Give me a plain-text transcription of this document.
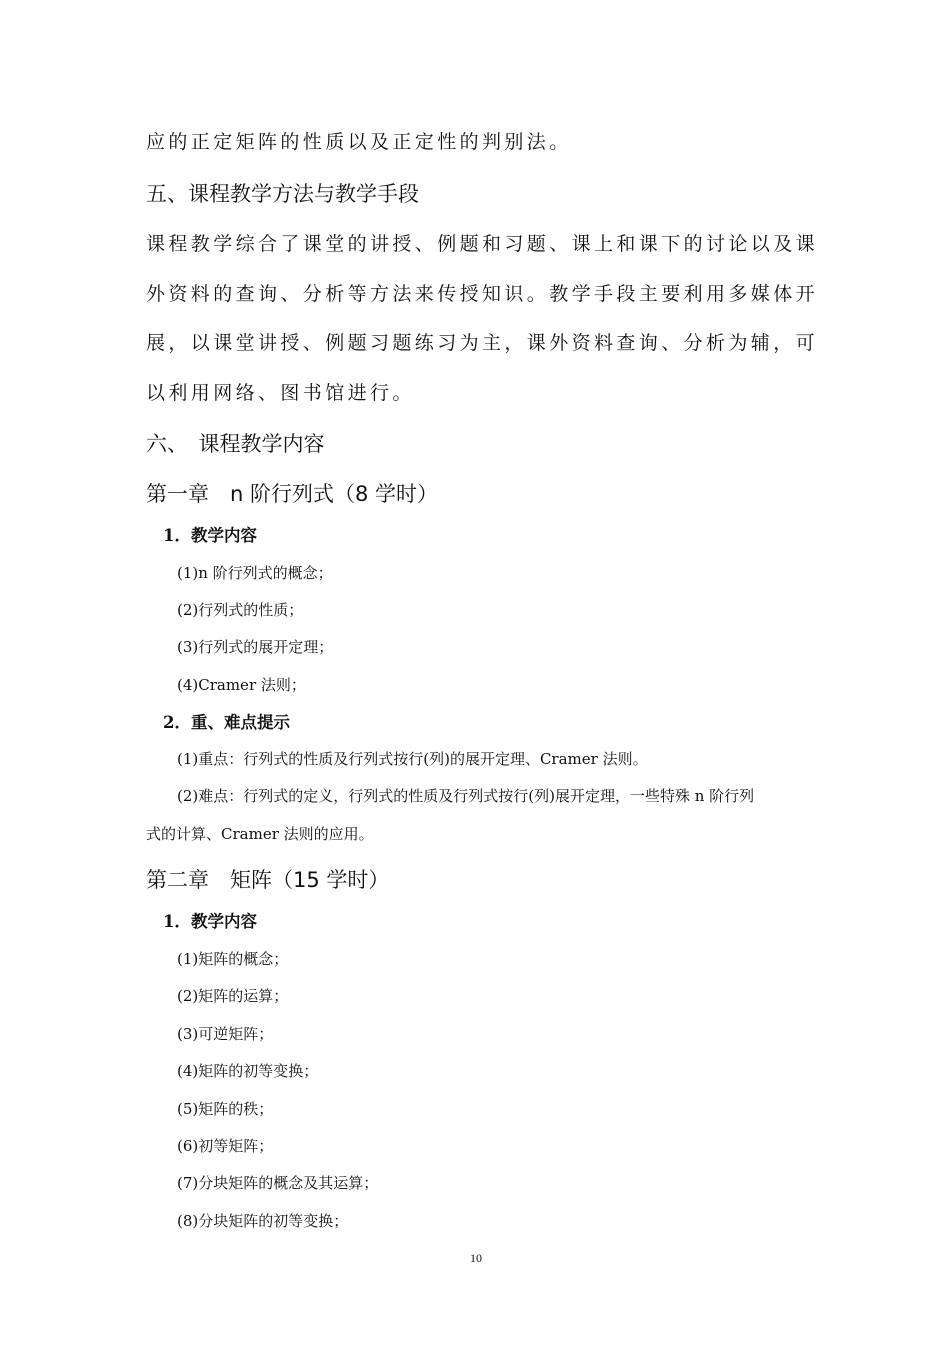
应的正定矩阵的性质以及正定性的判别法。
五、课程教学方法与教学手段
课程教学综合了课堂的讲授、例题和习题、课上和课下的讨论以及课
外资料的查询、分析等方法来传授知识。教学手段主要利用多媒体开
展，以课堂讲授、例题习题练习为主，课外资料查询、分析为辅，可
以利用网络、图书馆进行。
六、　课程教学内容
第一章　n 阶行列式（8 学时）
1．教学内容
(1)n 阶行列式的概念；
(2)行列式的性质；
(3)行列式的展开定理；
(4)Cramer 法则；
2．重、难点提示
(1)重点：行列式的性质及行列式按行(列)的展开定理、Cramer 法则。
(2)难点：行列式的定义，行列式的性质及行列式按行(列)展开定理，一些特殊 n 阶行列
式的计算、Cramer 法则的应用。
第二章　矩阵（15 学时）
1．教学内容
(1)矩阵的概念；
(2)矩阵的运算；
(3)可逆矩阵；
(4)矩阵的初等变换；
(5)矩阵的秩；
(6)初等矩阵；
(7)分块矩阵的概念及其运算；
(8)分块矩阵的初等变换；
10
